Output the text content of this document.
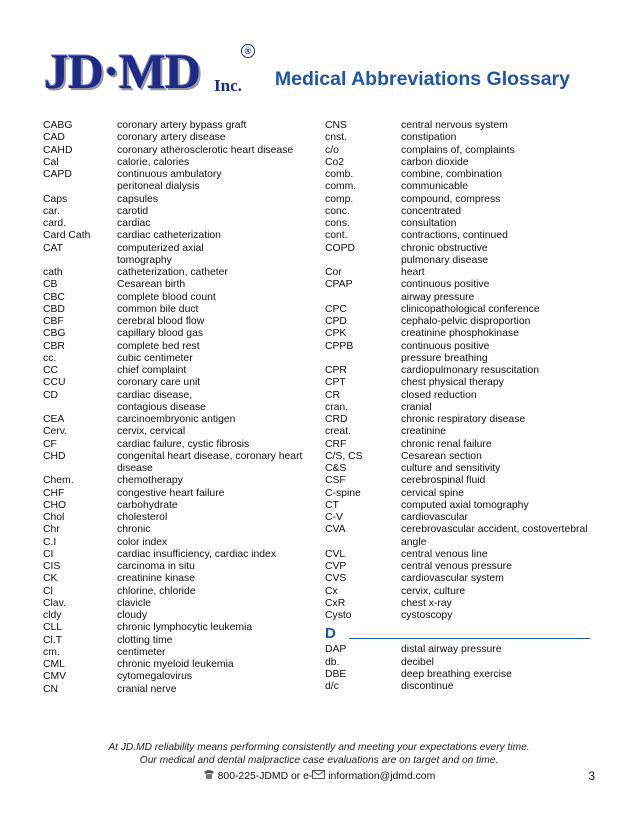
JD·MD	®
Inc. Medical Abbreviations Glossary
CABG	coronary artery bypass graft
CAD	coronary artery disease
CAHD	coronary atherosclerotic heart disease
Cal	calorie, calories
CAPD	continuous ambulatory
peritoneal dialysis
Caps	capsules
car.	carotid
card.	cardiac
Card Cath	cardiac catheterization
CAT	computerized axial
tomography
cath	catheterization, catheter
CB	Cesarean birth
CBC	complete blood count
CBD	common bile duct
CBF	cerebral blood flow
CBG	capillary blood gas
CBR	complete bed rest
cc.	cubic centimeter
CC	chief complaint
CCU	coronary care unit
CD	cardiac disease,
contagious disease
CEA	carcinoembryonic antigen
Cerv.	cervix, cervical
CF	cardiac failure, cystic fibrosis
CHD	congenital heart disease, coronary heart
disease
Chem.	chemotherapy
CHF	congestive heart failure
CHO	carbohydrate
Chol	cholesterol
Chr	chronic
C.I	color index
CI	cardiac insufficiency, cardiac index
CIS	carcinoma in situ
CK	creatinine kinase
Cl	chlorine, chloride
Clav.	clavicle
cldy	cloudy
CLL	chronic lymphocytic leukemia
Cl.T	clotting time
cm.	centimeter
CML	chronic myeloid leukemia
CMV	cytomegalovirus
CN	cranial nerve
CNS	central nervous system
cnst.	constipation
c/o	complains of, complaints
Co2	carbon dioxide
comb.	combine, combination
comm.	communicable
comp.	compound, compress
conc.	concentrated
cons.	consultation
cont.	contractions, continued
COPD	chronic obstructive
pulmonary disease
Cor	heart
CPAP	continuous positive
airway pressure
CPC	clinicopathological conference
CPD	cephalo-pelvic disproportion
CPK	creatinine phosphokinase
CPPB	continuous positive
pressure breathing
CPR	cardiopulmonary resuscitation
CPT	chest physical therapy
CR	closed reduction
cran.	cranial
CRD	chronic respiratory disease
creat.	creatinine
CRF	chronic renal failure
C/S, CS	Cesarean section
C&S	culture and sensitivity
CSF	cerebrospinal fluid
C-spine	cervical spine
CT	computed axial tomography
C-V	cardiovascular
CVA	cerebrovascular accident, costovertebral
angle
CVL	central venous line
CVP	central venous pressure
CVS	cardiovascular system
Cx	cervix, culture
CxR	chest x-ray
Cysto	cystoscopy
D
DAP	distal airway pressure
db.	decibel
DBE	deep breathing exercise
d/c	discontinue
At JD.MD reliability means performing consistently and meeting your expectations every time.
Our medical and dental malpractice case evaluations are on target and on time.
800-225-JDMD or e- information@jdmd.com	3
